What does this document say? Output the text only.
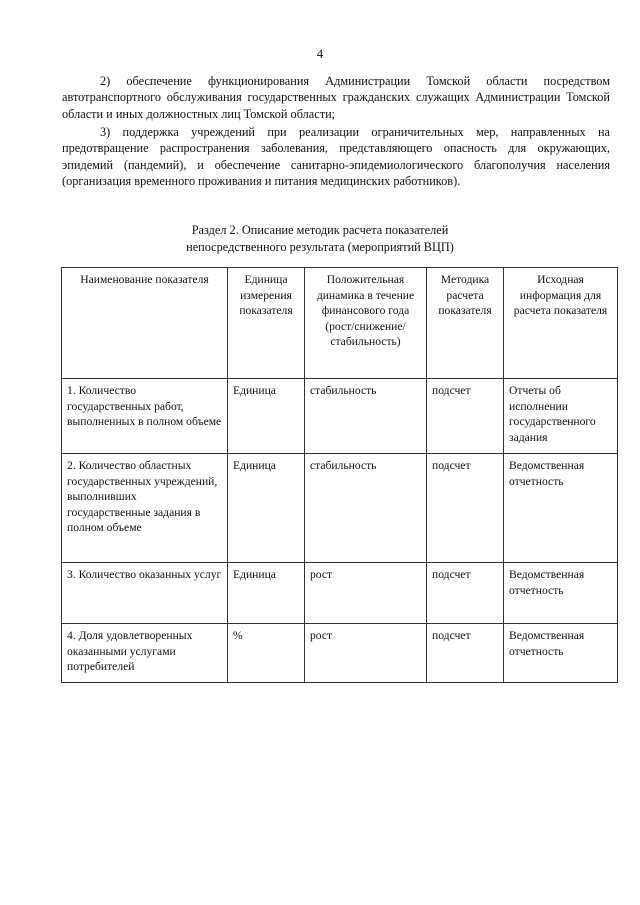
4

2) обеспечение функционирования Администрации Томской области посредством автотранспортного обслуживания государственных гражданских служащих Администрации Томской области и иных должностных лиц Томской области;

3) поддержка учреждений при реализации ограничительных мер, направленных на предотвращение распространения заболевания, представляющего опасность для окружающих, эпидемий (пандемий), и обеспечение санитарно-эпидемиологического благополучия населения (организация временного проживания и питания медицинских работников).

Раздел 2. Описание методик расчета показателей
непосредственного результата (мероприятий ВЦП)
Наименование показателя	Единица измерения показателя	Положительная динамика в течение финансового года (рост/снижение/ стабильность)	Методика расчета показателя	Исходная информация для расчета показателя
1. Количество государственных работ, выполненных в полном объеме	Единица	стабильность	подсчет	Отчеты об исполнении государственного задания
2. Количество областных государственных учреждений, выполнивших государственные задания в полном объеме	Единица	стабильность	подсчет	Ведомственная отчетность
3. Количество оказанных услуг	Единица	рост	подсчет	Ведомственная отчетность
4. Доля удовлетворенных оказанными услугами потребителей	%	рост	подсчет	Ведомственная отчетность
